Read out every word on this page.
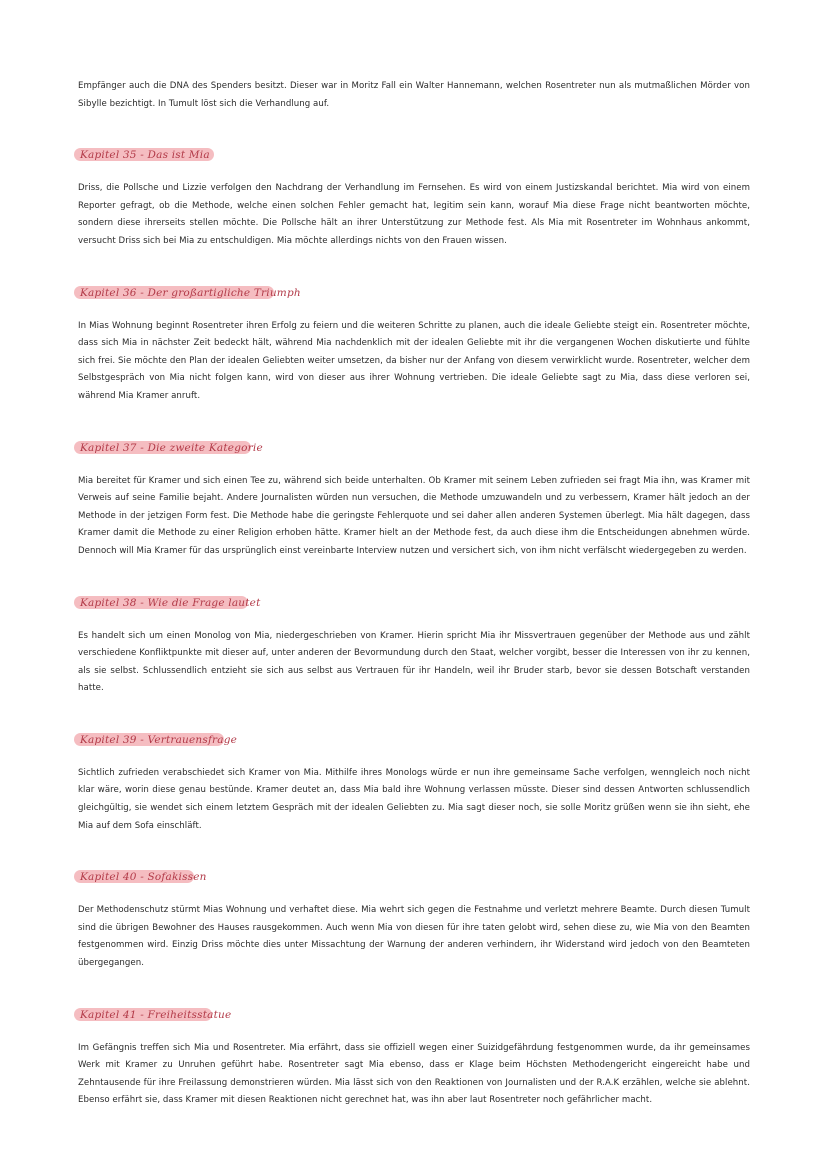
Empfänger auch die DNA des Spenders besitzt. Dieser war in Moritz Fall ein Walter Hannemann, welchen Rosentreter nun als mutmaßlichen Mörder von Sibylle bezichtigt. In Tumult löst sich die Verhandlung auf.

Kapitel 35 - Das ist Mia

Driss, die Pollsche und Lizzie verfolgen den Nachdrang der Verhandlung im Fernsehen. Es wird von einem Justizskandal berichtet. Mia wird von einem Reporter gefragt, ob die Methode, welche einen solchen Fehler gemacht hat, legitim sein kann, worauf Mia diese Frage nicht beantworten möchte, sondern diese ihrerseits stellen möchte. Die Pollsche hält an ihrer Unterstützung zur Methode fest. Als Mia mit Rosentreter im Wohnhaus ankommt, versucht Driss sich bei Mia zu entschuldigen. Mia möchte allerdings nichts von den Frauen wissen.

Kapitel 36 - Der großartigliche Triumph

In Mias Wohnung beginnt Rosentreter ihren Erfolg zu feiern und die weiteren Schritte zu planen, auch die ideale Geliebte steigt ein. Rosentreter möchte, dass sich Mia in nächster Zeit bedeckt hält, während Mia nachdenklich mit der idealen Geliebte mit ihr die vergangenen Wochen diskutierte und fühlte sich frei. Sie möchte den Plan der idealen Geliebten weiter umsetzen, da bisher nur der Anfang von diesem verwirklicht wurde. Rosentreter, welcher dem Selbstgespräch von Mia nicht folgen kann, wird von dieser aus ihrer Wohnung vertrieben. Die ideale Geliebte sagt zu Mia, dass diese verloren sei, während Mia Kramer anruft.

Kapitel 37 - Die zweite Kategorie

Mia bereitet für Kramer und sich einen Tee zu, während sich beide unterhalten. Ob Kramer mit seinem Leben zufrieden sei fragt Mia ihn, was Kramer mit Verweis auf seine Familie bejaht. Andere Journalisten würden nun versuchen, die Methode umzuwandeln und zu verbessern, Kramer hält jedoch an der Methode in der jetzigen Form fest. Die Methode habe die geringste Fehlerquote und sei daher allen anderen Systemen überlegt. Mia hält dagegen, dass Kramer damit die Methode zu einer Religion erhoben hätte. Kramer hielt an der Methode fest, da auch diese ihm die Entscheidungen abnehmen würde. Dennoch will Mia Kramer für das ursprünglich einst vereinbarte Interview nutzen und versichert sich, von ihm nicht verfälscht wiedergegeben zu werden.

Kapitel 38 - Wie die Frage lautet

Es handelt sich um einen Monolog von Mia, niedergeschrieben von Kramer. Hierin spricht Mia ihr Missvertrauen gegenüber der Methode aus und zählt verschiedene Konfliktpunkte mit dieser auf, unter anderen der Bevormundung durch den Staat, welcher vorgibt, besser die Interessen von ihr zu kennen, als sie selbst. Schlussendlich entzieht sie sich aus selbst aus Vertrauen für ihr Handeln, weil ihr Bruder starb, bevor sie dessen Botschaft verstanden hatte.

Kapitel 39 - Vertrauensfrage

Sichtlich zufrieden verabschiedet sich Kramer von Mia. Mithilfe ihres Monologs würde er nun ihre gemeinsame Sache verfolgen, wenngleich noch nicht klar wäre, worin diese genau bestünde. Kramer deutet an, dass Mia bald ihre Wohnung verlassen müsste. Dieser sind dessen Antworten schlussendlich gleichgültig, sie wendet sich einem letztem Gespräch mit der idealen Geliebten zu. Mia sagt dieser noch, sie solle Moritz grüßen wenn sie ihn sieht, ehe Mia auf dem Sofa einschläft.

Kapitel 40 - Sofakissen

Der Methodenschutz stürmt Mias Wohnung und verhaftet diese. Mia wehrt sich gegen die Festnahme und verletzt mehrere Beamte. Durch diesen Tumult sind die übrigen Bewohner des Hauses rausgekommen. Auch wenn Mia von diesen für ihre taten gelobt wird, sehen diese zu, wie Mia von den Beamten festgenommen wird. Einzig Driss möchte dies unter Missachtung der Warnung der anderen verhindern, ihr Widerstand wird jedoch von den Beamteten übergegangen.

Kapitel 41 - Freiheitsstatue

Im Gefängnis treffen sich Mia und Rosentreter. Mia erfährt, dass sie offiziell wegen einer Suizidgefährdung festgenommen wurde, da ihr gemeinsames Werk mit Kramer zu Unruhen geführt habe. Rosentreter sagt Mia ebenso, dass er Klage beim Höchsten Methodengericht eingereicht habe und Zehntausende für ihre Freilassung demonstrieren würden. Mia lässt sich von den Reaktionen von Journalisten und der R.A.K erzählen, welche sie ablehnt. Ebenso erfährt sie, dass Kramer mit diesen Reaktionen nicht gerechnet hat, was ihn aber laut Rosentreter noch gefährlicher macht.
